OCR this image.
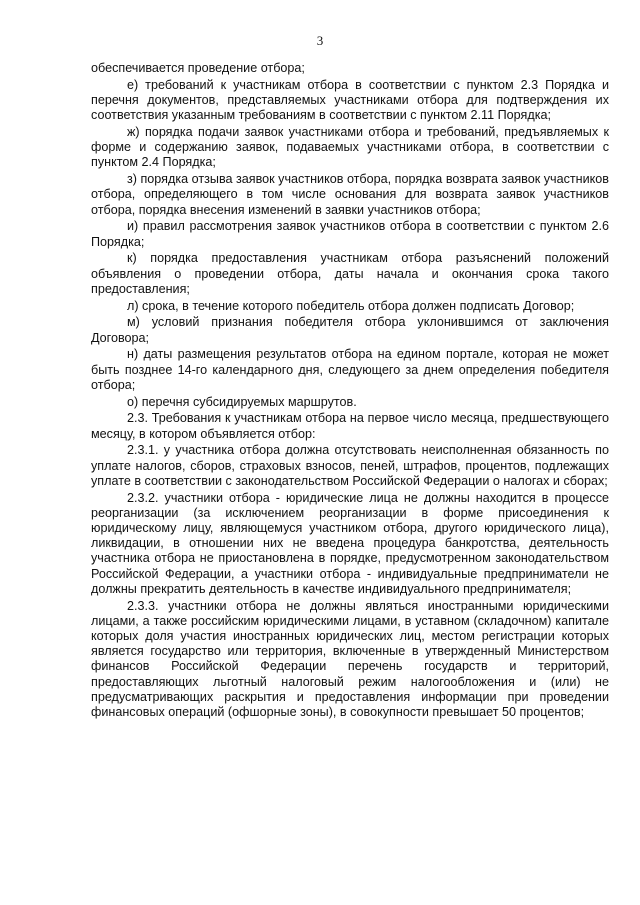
3

обеспечивается проведение отбора;

е) требований к участникам отбора в соответствии с пунктом 2.3 Порядка и перечня документов, представляемых участниками отбора для подтверждения их соответствия указанным требованиям в соответствии с пунктом 2.11 Порядка;

ж) порядка подачи заявок участниками отбора и требований, предъявляемых к форме и содержанию заявок, подаваемых участниками отбора, в соответствии с пунктом 2.4 Порядка;

з) порядка отзыва заявок участников отбора, порядка возврата заявок участников отбора, определяющего в том числе основания для возврата заявок участников отбора, порядка внесения изменений в заявки участников отбора;

и) правил рассмотрения заявок участников отбора в соответствии с пунктом 2.6 Порядка;

к) порядка предоставления участникам отбора разъяснений положений объявления о проведении отбора, даты начала и окончания срока такого предоставления;

л) срока, в течение которого победитель отбора должен подписать Договор;

м) условий признания победителя отбора уклонившимся от заключения Договора;

н) даты размещения результатов отбора на едином портале, которая не может быть позднее 14-го календарного дня, следующего за днем определения победителя отбора;

о) перечня субсидируемых маршрутов.

2.3. Требования к участникам отбора на первое число месяца, предшествующего месяцу, в котором объявляется отбор:

2.3.1. у участника отбора должна отсутствовать неисполненная обязанность по уплате налогов, сборов, страховых взносов, пеней, штрафов, процентов, подлежащих уплате в соответствии с законодательством Российской Федерации о налогах и сборах;

2.3.2. участники отбора - юридические лица не должны находится в процессе реорганизации (за исключением реорганизации в форме присоединения к юридическому лицу, являющемуся участником отбора, другого юридического лица), ликвидации, в отношении них не введена процедура банкротства, деятельность участника отбора не приостановлена в порядке, предусмотренном законодательством Российской Федерации, а участники отбора - индивидуальные предприниматели не должны прекратить деятельность в качестве индивидуального предпринимателя;

2.3.3. участники отбора не должны являться иностранными юридическими лицами, а также российским юридическими лицами, в уставном (складочном) капитале которых доля участия иностранных юридических лиц, местом регистрации которых является государство или территория, включенные в утвержденный Министерством финансов Российской Федерации перечень государств и территорий, предоставляющих льготный налоговый режим налогообложения и (или) не предусматривающих раскрытия и предоставления информации при проведении финансовых операций (офшорные зоны), в совокупности превышает 50 процентов;
